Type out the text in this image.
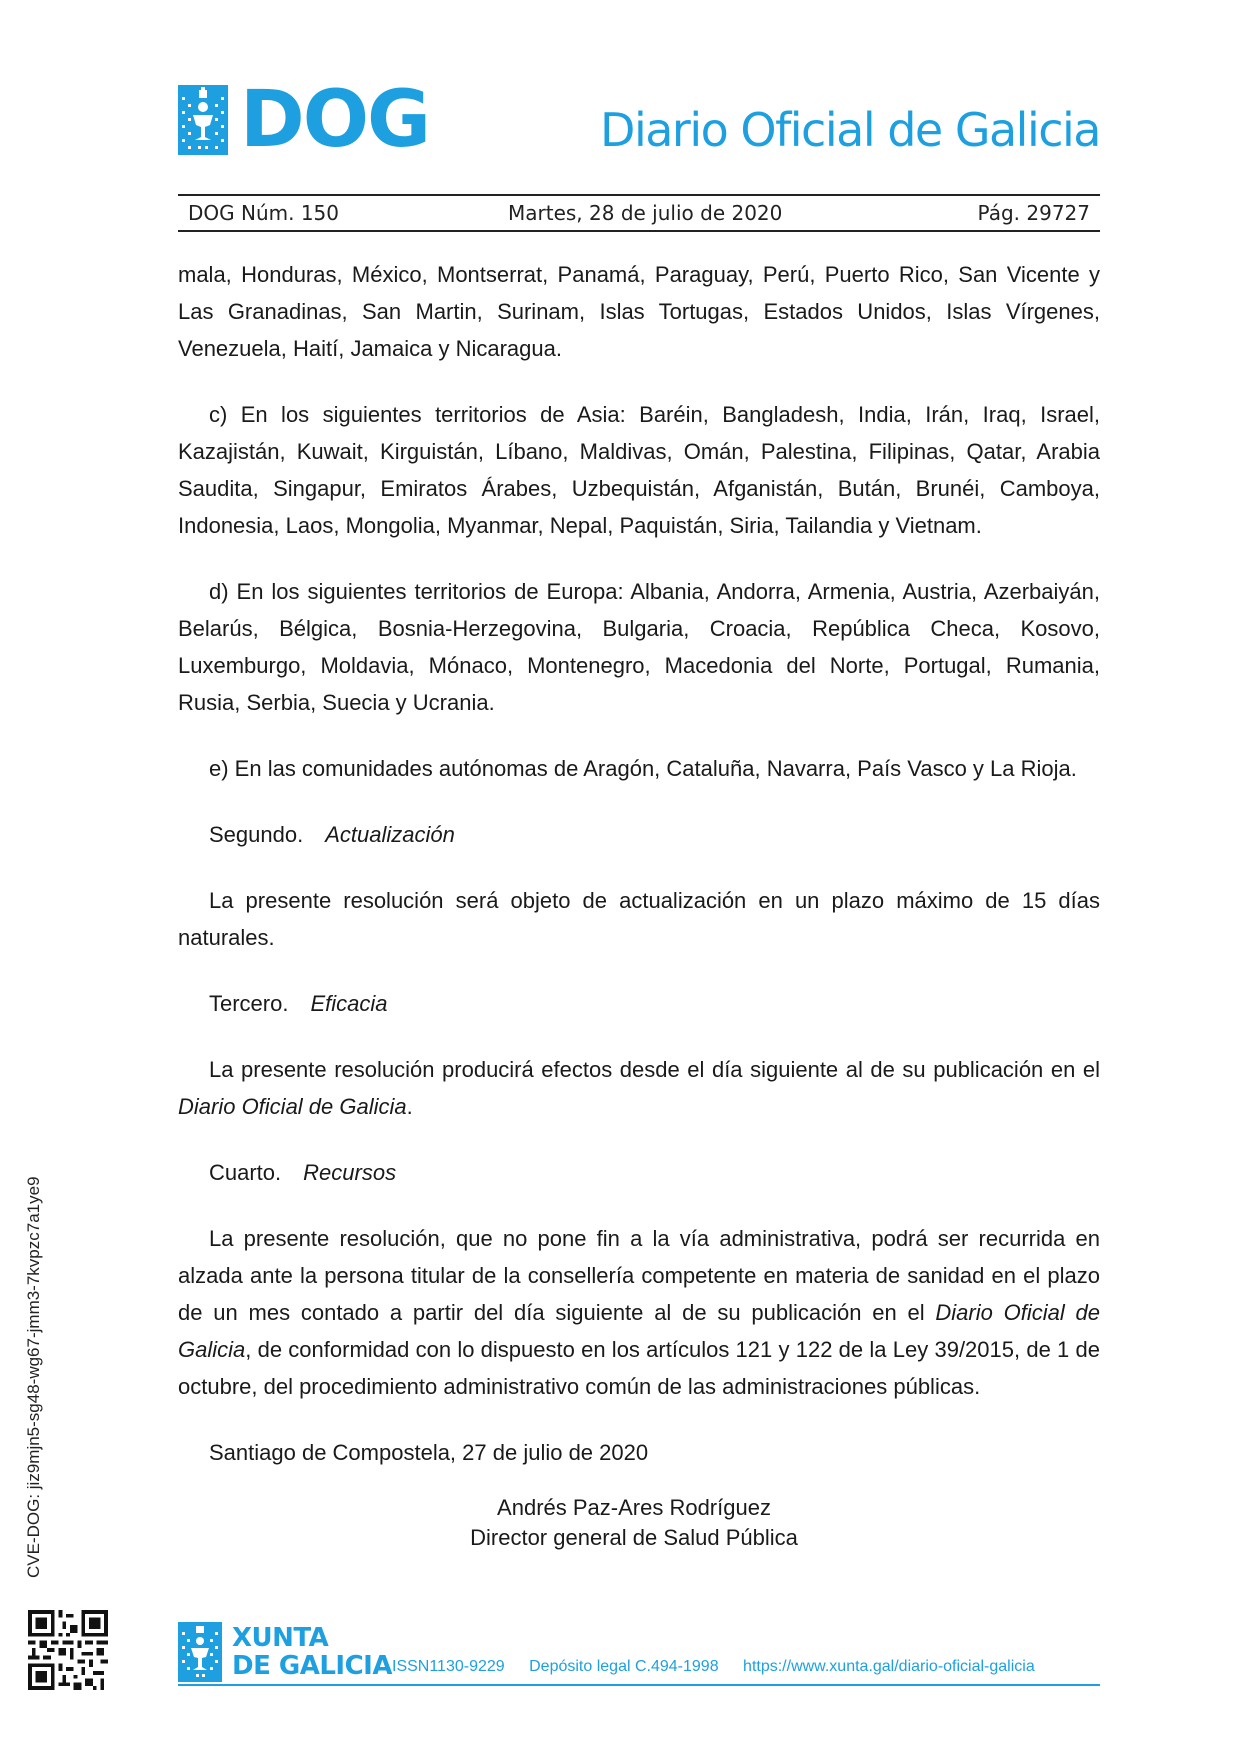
DOG	Diario Oficial de Galicia
DOG Núm. 150	Martes, 28 de julio de 2020	Pág. 29727

mala, Honduras, México, Montserrat, Panamá, Paraguay, Perú, Puerto Rico, San Vicente y Las Granadinas, San Martin, Surinam, Islas Tortugas, Estados Unidos, Islas Vírgenes, Venezuela, Haití, Jamaica y Nicaragua.

c) En los siguientes territorios de Asia: Baréin, Bangladesh, India, Irán, Iraq, Israel, Kazajistán, Kuwait, Kirguistán, Líbano, Maldivas, Omán, Palestina, Filipinas, Qatar, Arabia Saudita, Singapur, Emiratos Árabes, Uzbequistán, Afganistán, Bután, Brunéi, Camboya, Indonesia, Laos, Mongolia, Myanmar, Nepal, Paquistán, Siria, Tailandia y Vietnam.

d) En los siguientes territorios de Europa: Albania, Andorra, Armenia, Austria, Azerbaiyán, Belarús, Bélgica, Bosnia-Herzegovina, Bulgaria, Croacia, República Checa, Kosovo, Luxemburgo, Moldavia, Mónaco, Montenegro, Macedonia del Norte, Portugal, Rumania, Rusia, Serbia, Suecia y Ucrania.

e) En las comunidades autónomas de Aragón, Cataluña, Navarra, País Vasco y La Rioja.

Segundo. Actualización

La presente resolución será objeto de actualización en un plazo máximo de 15 días naturales.

Tercero. Eficacia

La presente resolución producirá efectos desde el día siguiente al de su publicación en el Diario Oficial de Galicia.

Cuarto. Recursos

La presente resolución, que no pone fin a la vía administrativa, podrá ser recurrida en alzada ante la persona titular de la consellería competente en materia de sanidad en el plazo de un mes contado a partir del día siguiente al de su publicación en el Diario Oficial de Galicia, de conformidad con lo dispuesto en los artículos 121 y 122 de la Ley 39/2015, de 1 de octubre, del procedimiento administrativo común de las administraciones públicas.

Santiago de Compostela, 27 de julio de 2020
Andrés Paz-Ares Rodríguez
Director general de Salud Pública
CVE-DOG: jiz9mjn5-sg48-wg67-jmm3-7kvpzc7a1ye9
XUNTA
DE GALICIA ISSN1130-9229 Depósito legal C.494-1998 https://www.xunta.gal/diario-oficial-galicia
